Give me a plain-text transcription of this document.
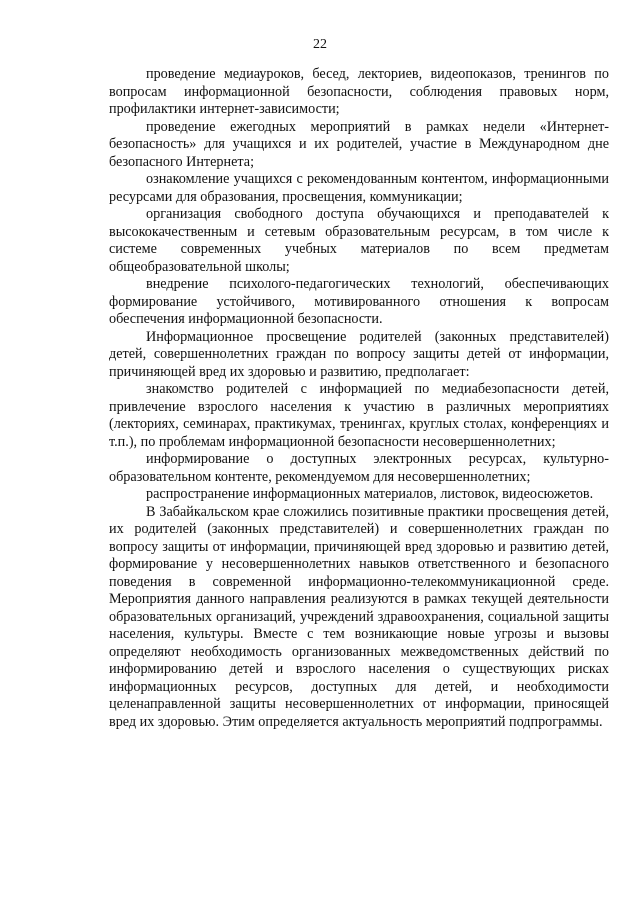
22

проведение медиауроков, бесед, лекториев, видеопоказов, тренингов по вопросам информационной безопасности, соблюдения правовых норм, профилактики интернет-зависимости;

проведение ежегодных мероприятий в рамках недели «Интернет-безопасность» для учащихся и их родителей, участие в Международном дне безопасного Интернета;

ознакомление учащихся с рекомендованным контентом, информационными ресурсами для образования, просвещения, коммуникации;

организация свободного доступа обучающихся и преподавателей к высококачественным и сетевым образовательным ресурсам, в том числе к системе современных учебных материалов по всем предметам общеобразовательной школы;

внедрение психолого-педагогических технологий, обеспечивающих формирование устойчивого, мотивированного отношения к вопросам обеспечения информационной безопасности.

Информационное просвещение родителей (законных представителей) детей, совершеннолетних граждан по вопросу защиты детей от информации, причиняющей вред их здоровью и развитию, предполагает:

знакомство родителей с информацией по медиабезопасности детей, привлечение взрослого населения к участию в различных мероприятиях (лекториях, семинарах, практикумах, тренингах, круглых столах, конференциях и т.п.), по проблемам информационной безопасности несовершеннолетних;

информирование о доступных электронных ресурсах, культурно-образовательном контенте, рекомендуемом для несовершеннолетних;

распространение информационных материалов, листовок, видеосюжетов.

В Забайкальском крае сложились позитивные практики просвещения детей, их родителей (законных представителей) и совершеннолетних граждан по вопросу защиты от информации, причиняющей вред здоровью и развитию детей, формирование у несовершеннолетних навыков ответственного и безопасного поведения в современной информационно-телекоммуникационной среде. Мероприятия данного направления реализуются в рамках текущей деятельности образовательных организаций, учреждений здравоохранения, социальной защиты населения, культуры. Вместе с тем возникающие новые угрозы и вызовы определяют необходимость организованных межведомственных действий по информированию детей и взрослого населения о существующих рисках информационных ресурсов, доступных для детей, и необходимости целенаправленной защиты несовершеннолетних от информации, приносящей вред их здоровью. Этим определяется актуальность мероприятий подпрограммы.
